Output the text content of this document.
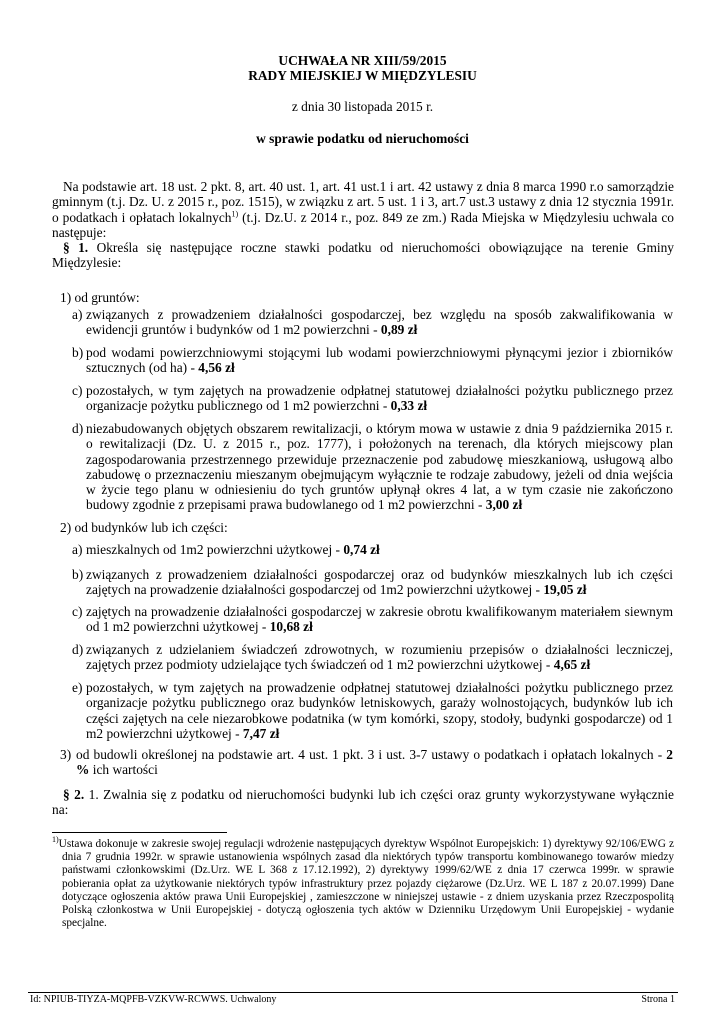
UCHWAŁA NR XIII/59/2015
RADY MIEJSKIEJ W MIĘDZYLESIU
z dnia 30 listopada 2015 r.
w sprawie podatku od nieruchomości
Na podstawie art. 18 ust. 2 pkt. 8, art. 40 ust. 1, art. 41 ust.1 i art. 42 ustawy z dnia 8 marca 1990 r.o samorządzie gminnym (t.j. Dz. U. z 2015 r., poz. 1515), w związku z art. 5 ust. 1 i 3, art.7 ust.3 ustawy z dnia 12 stycznia 1991r. o podatkach i opłatach lokalnych$^{1)}$ (t.j. Dz.U. z 2014 r., poz. 849 ze zm.) Rada Miejska w Międzylesiu uchwala co następuje:
§ 1. Określa się następujące roczne stawki podatku od nieruchomości obowiązujące na terenie Gminy Międzylesie:
1) od gruntów:
a) związanych z prowadzeniem działalności gospodarczej, bez względu na sposób zakwalifikowania w ewidencji gruntów i budynków od 1 m2 powierzchni - 0,89 zł
b) pod wodami powierzchniowymi stojącymi lub wodami powierzchniowymi płynącymi jezior i zbiorników sztucznych (od ha) - 4,56 zł
c) pozostałych, w tym zajętych na prowadzenie odpłatnej statutowej działalności pożytku publicznego przez organizacje pożytku publicznego od 1 m2 powierzchni - 0,33 zł
d) niezabudowanych objętych obszarem rewitalizacji, o którym mowa w ustawie z dnia 9 października 2015 r. o rewitalizacji (Dz. U. z 2015 r., poz. 1777), i położonych na terenach, dla których miejscowy plan zagospodarowania przestrzennego przewiduje przeznaczenie pod zabudowę mieszkaniową, usługową albo zabudowę o przeznaczeniu mieszanym obejmującym wyłącznie te rodzaje zabudowy, jeżeli od dnia wejścia w życie tego planu w odniesieniu do tych gruntów upłynął okres 4 lat, a w tym czasie nie zakończono budowy zgodnie z przepisami prawa budowlanego od 1 m2 powierzchni - 3,00 zł
2) od budynków lub ich części:
a) mieszkalnych od 1m2 powierzchni użytkowej - 0,74 zł
b) związanych z prowadzeniem działalności gospodarczej oraz od budynków mieszkalnych lub ich części zajętych na prowadzenie działalności gospodarczej od 1m2 powierzchni użytkowej - 19,05 zł
c) zajętych na prowadzenie działalności gospodarczej w zakresie obrotu kwalifikowanym materiałem siewnym od 1 m2 powierzchni użytkowej - 10,68 zł
d) związanych z udzielaniem świadczeń zdrowotnych, w rozumieniu przepisów o działalności leczniczej, zajętych przez podmioty udzielające tych świadczeń od 1 m2 powierzchni użytkowej - 4,65 zł
e) pozostałych, w tym zajętych na prowadzenie odpłatnej statutowej działalności pożytku publicznego przez organizacje pożytku publicznego oraz budynków letniskowych, garaży wolnostojących, budynków lub ich części zajętych na cele niezarobkowe podatnika (w tym komórki, szopy, stodoły, budynki gospodarcze) od 1 m2 powierzchni użytkowej - 7,47 zł
3) od budowli określonej na podstawie art. 4 ust. 1 pkt. 3 i ust. 3-7 ustawy o podatkach i opłatach lokalnych - 2 % ich wartości
§ 2. 1. Zwalnia się z podatku od nieruchomości budynki lub ich części oraz grunty wykorzystywane wyłącznie na:
$^{1)}$Ustawa dokonuje w zakresie swojej regulacji wdrożenie następujących dyrektyw Wspólnot Europejskich: 1) dyrektywy 92/106/EWG z dnia 7 grudnia 1992r. w sprawie ustanowienia wspólnych zasad dla niektórych typów transportu kombinowanego towarów miedzy państwami członkowskimi (Dz.Urz. WE L 368 z 17.12.1992), 2) dyrektywy 1999/62/WE z dnia 17 czerwca 1999r. w sprawie pobierania opłat za użytkowanie niektórych typów infrastruktury przez pojazdy ciężarowe (Dz.Urz. WE L 187 z 20.07.1999) Dane dotyczące ogłoszenia aktów prawa Unii Europejskiej , zamieszczone w niniejszej ustawie - z dniem uzyskania przez Rzeczpospolitą Polską członkostwa w Unii Europejskiej - dotyczą ogłoszenia tych aktów w Dzienniku Urzędowym Unii Europejskiej - wydanie specjalne.
Id: NPIUB-TIYZA-MQPFB-VZKVW-RCWWS. Uchwalony	Strona 1
